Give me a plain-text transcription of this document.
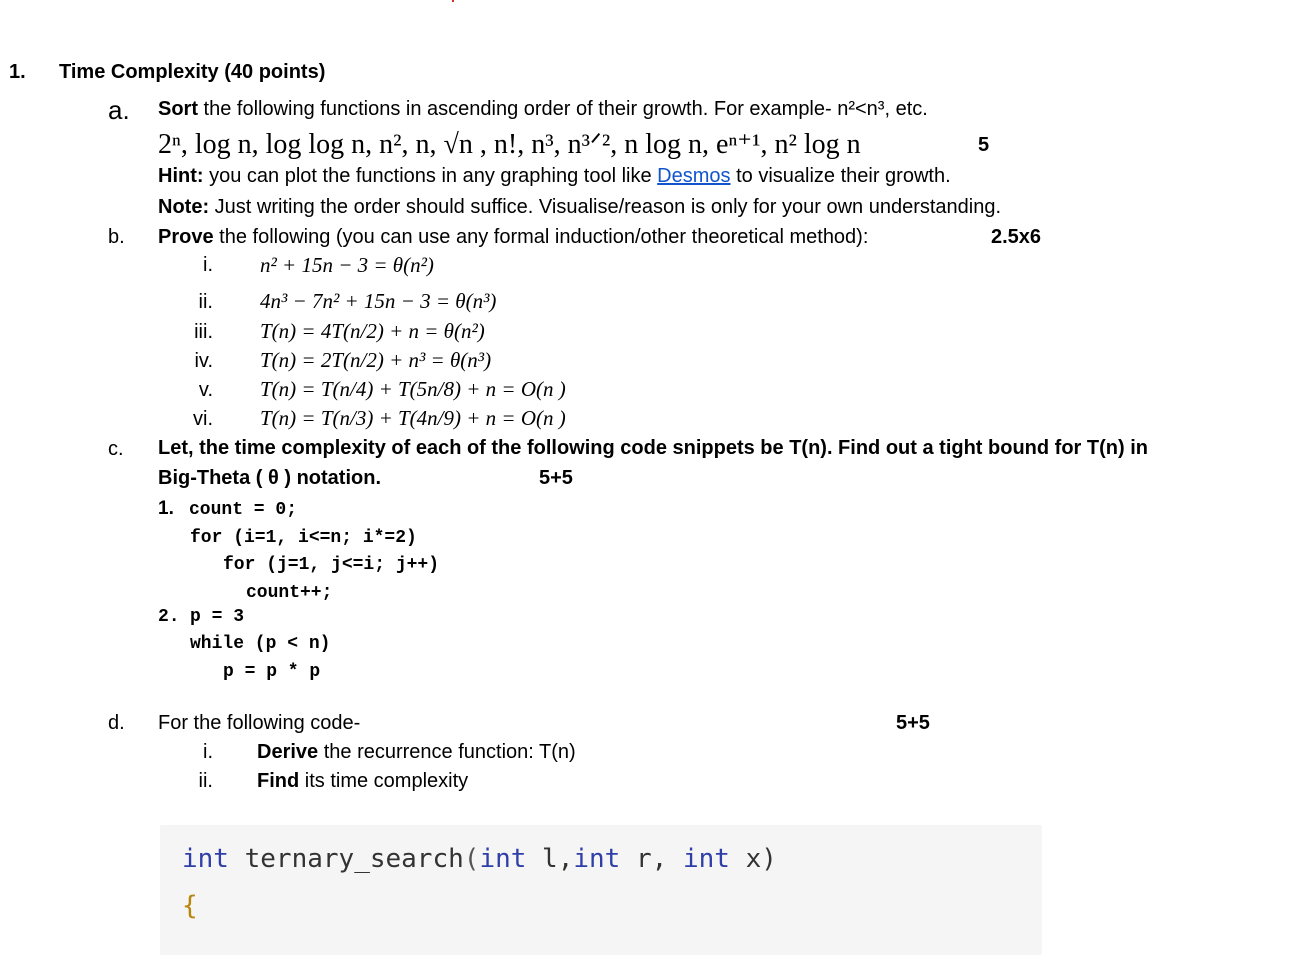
1. Time Complexity (40 points)
a. Sort the following functions in ascending order of their growth. For example- n²<n³, etc.
2ⁿ, log n, log log n, n², n, √n , n!, n³, n³ᐟ², n log n, eⁿ⁺¹, n² log n	5
Hint: you can plot the functions in any graphing tool like Desmos to visualize their growth.
Note: Just writing the order should suffice. Visualise/reason is only for your own understanding.
b. Prove the following (you can use any formal induction/other theoretical method):	2.5x6
i. n² + 15n − 3 = θ(n²)
ii. 4n³ − 7n² + 15n − 3 = θ(n³)
iii. T(n) = 4T(n/2) + n = θ(n²)
iv. T(n) = 2T(n/2) + n³ = θ(n³)
v. T(n) = T(n/4) + T(5n/8) + n = O(n )
vi. T(n) = T(n/3) + T(4n/9) + n = O(n )
c. Let, the time complexity of each of the following code snippets be T(n). Find out a tight bound for T(n) in
Big-Theta ( θ ) notation.	5+5
1. count = 0;
for (i=1, i<=n; i*=2)
for (j=1, j<=i; j++)
count++;
2. p = 3
while (p < n)
p = p * p
d. For the following code-	5+5
i. Derive the recurrence function: T(n)
ii. Find its time complexity
int ternary_search(int l,int r, int x)
{
